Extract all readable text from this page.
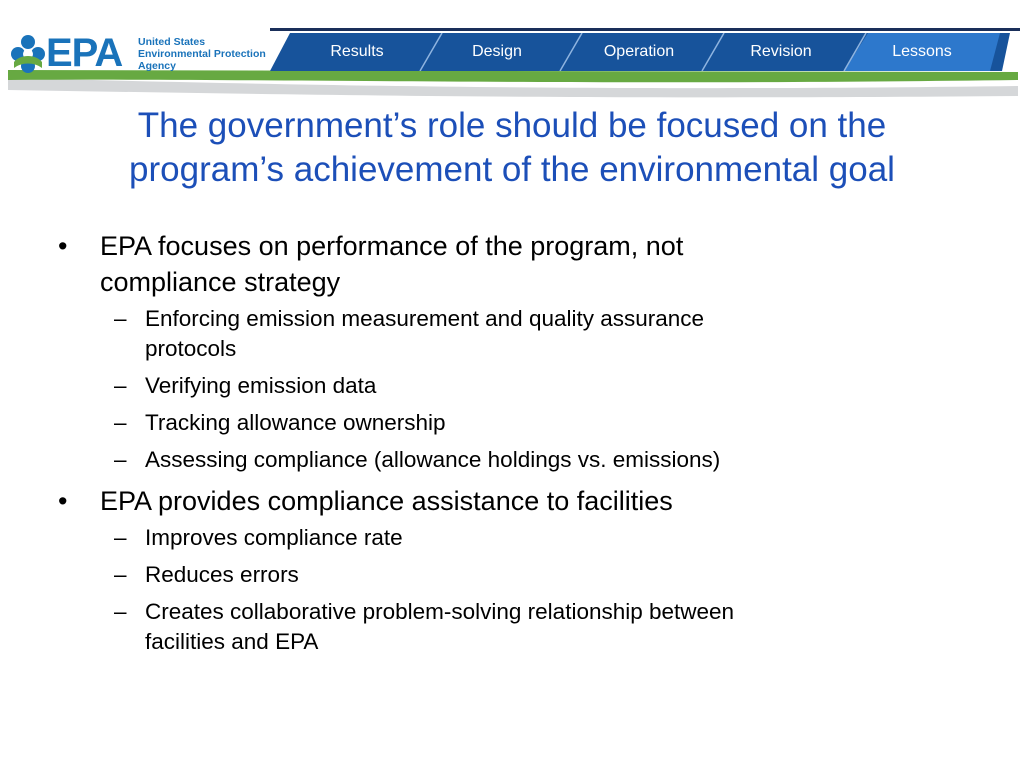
EPA United States
Environmental Protection
Agency
Results	Design	Operation	Revision	Lessons
The government’s role should be focused on the
program’s achievement of the environmental goal
• EPA focuses on performance of the program, not
compliance strategy
– Enforcing emission measurement and quality assurance
protocols
– Verifying emission data
– Tracking allowance ownership
– Assessing compliance (allowance holdings vs. emissions)
• EPA provides compliance assistance to facilities
– Improves compliance rate
– Reduces errors
– Creates collaborative problem-solving relationship between
facilities and EPA
